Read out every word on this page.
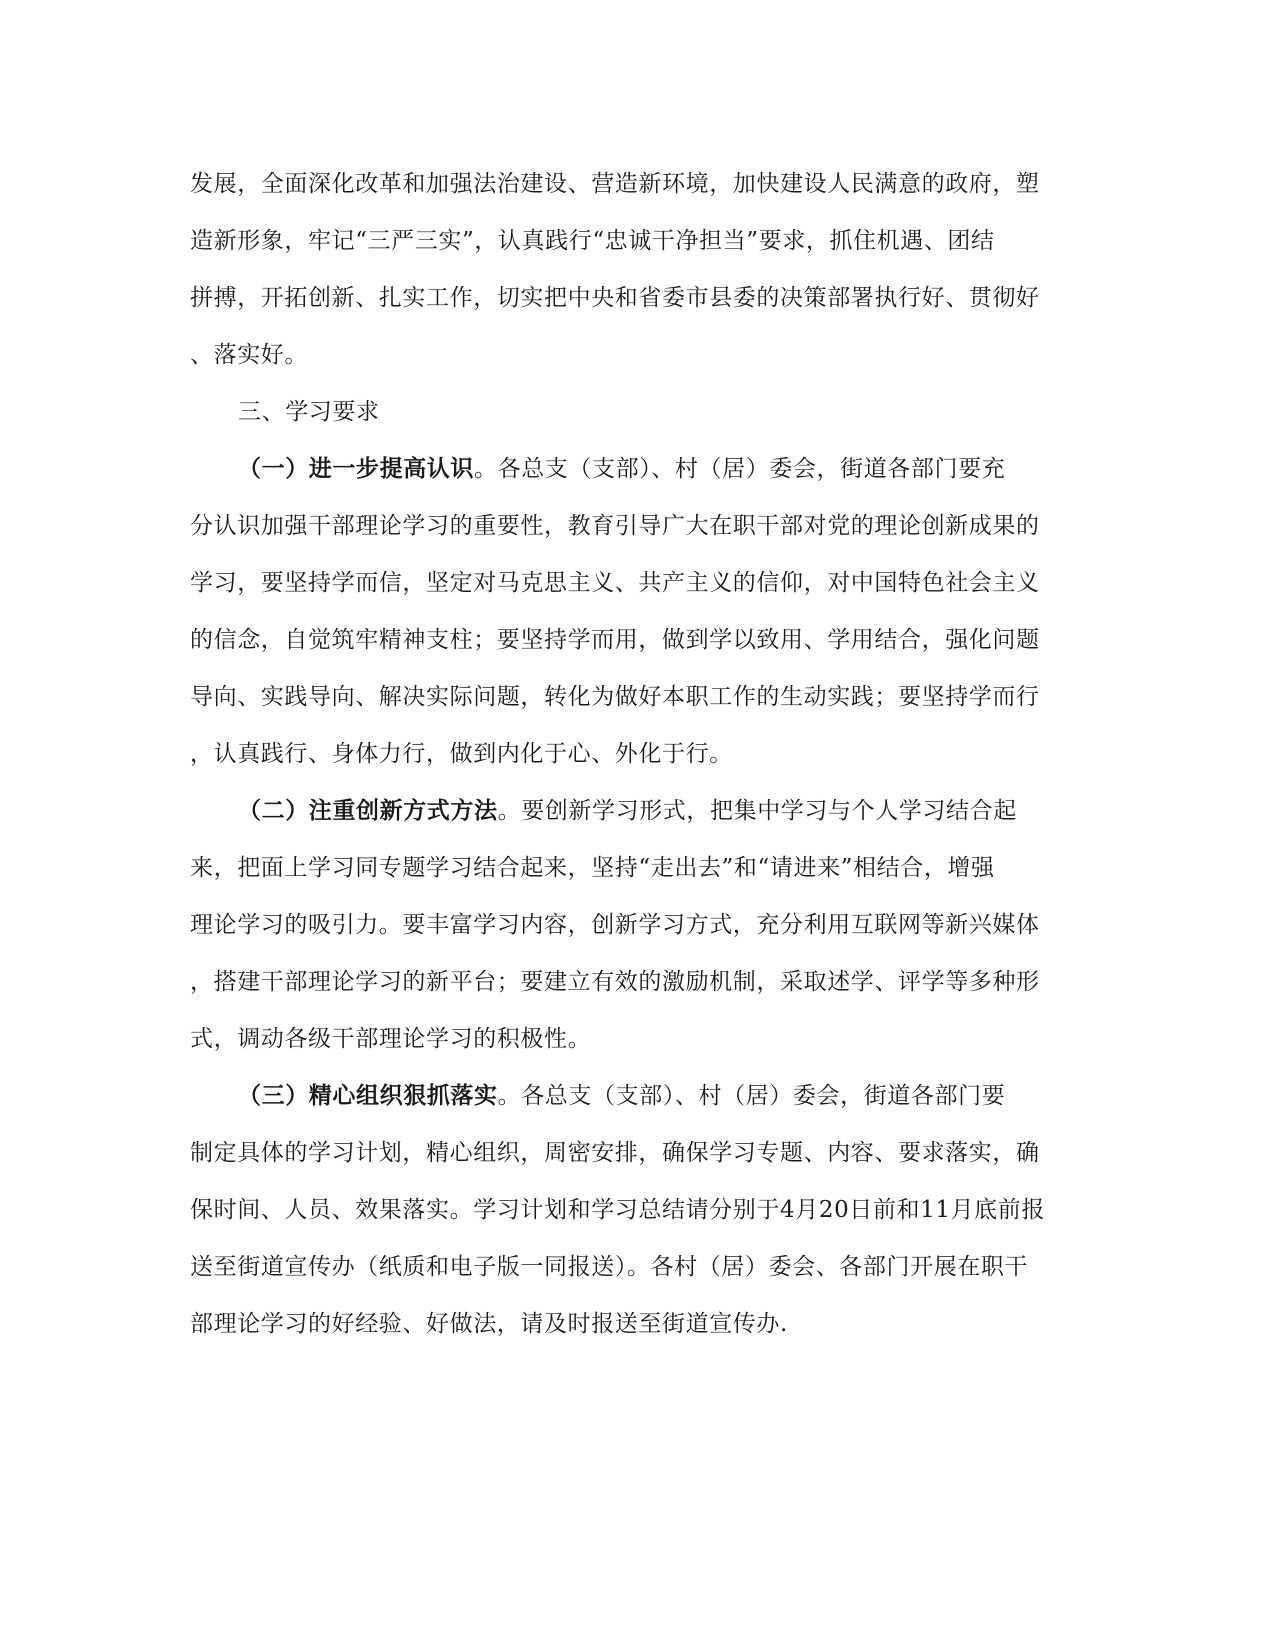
发展，全面深化改革和加强法治建设、营造新环境，加快建设人民满意的政府，塑
造新形象，牢记“三严三实”，认真践行“忠诚干净担当”要求，抓住机遇、团结
拼搏，开拓创新、扎实工作，切实把中央和省委市县委的决策部署执行好、贯彻好
、落实好。
三、学习要求
（一）进一步提高认识。各总支（支部）、村（居）委会，街道各部门要充
分认识加强干部理论学习的重要性，教育引导广大在职干部对党的理论创新成果的
学习，要坚持学而信，坚定对马克思主义、共产主义的信仰，对中国特色社会主义
的信念，自觉筑牢精神支柱；要坚持学而用，做到学以致用、学用结合，强化问题
导向、实践导向、解决实际问题，转化为做好本职工作的生动实践；要坚持学而行
，认真践行、身体力行，做到内化于心、外化于行。
（二）注重创新方式方法。要创新学习形式，把集中学习与个人学习结合起
来，把面上学习同专题学习结合起来，坚持“走出去”和“请进来”相结合，增强
理论学习的吸引力。要丰富学习内容，创新学习方式，充分利用互联网等新兴媒体
，搭建干部理论学习的新平台；要建立有效的激励机制，采取述学、评学等多种形
式，调动各级干部理论学习的积极性。
（三）精心组织狠抓落实。各总支（支部）、村（居）委会，街道各部门要
制定具体的学习计划，精心组织，周密安排，确保学习专题、内容、要求落实，确
保时间、人员、效果落实。学习计划和学习总结请分别于4月20日前和11月底前报
送至街道宣传办（纸质和电子版一同报送）。各村（居）委会、各部门开展在职干
部理论学习的好经验、好做法，请及时报送至街道宣传办.
